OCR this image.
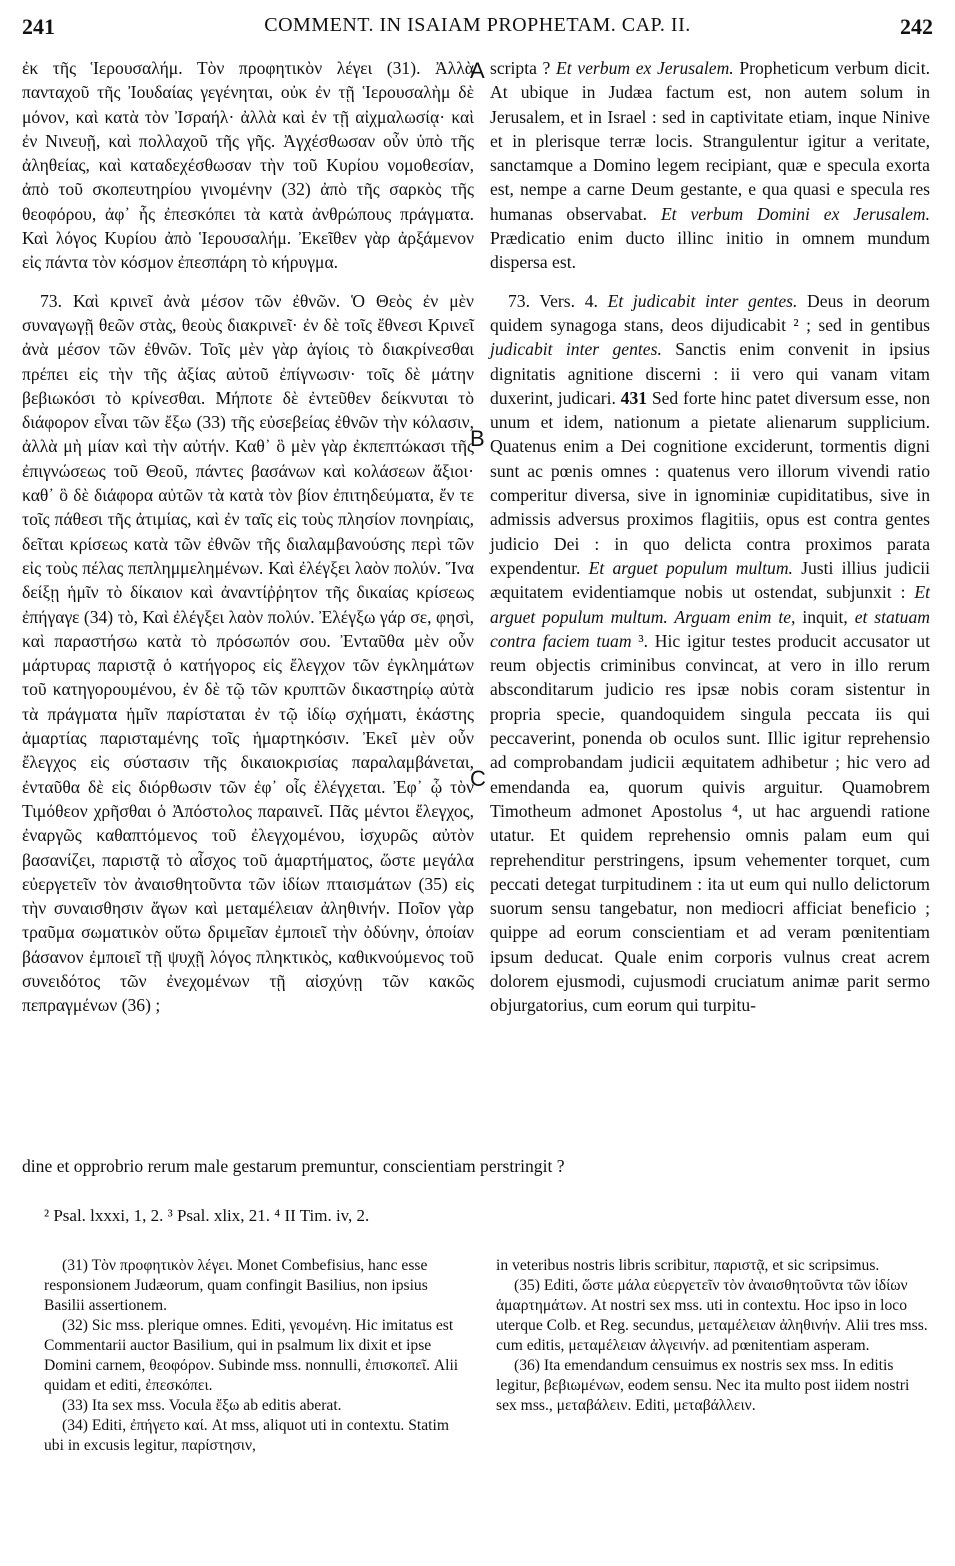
241	COMMENT. IN ISAIAM PROPHETAM. CAP. II.	242

ἐκ τῆς Ἱερουσαλήμ. Τὸν προφητικὸν λέγει (31). Ἀλλὰ πανταχοῦ τῆς Ἰουδαίας γεγένηται, οὐκ ἐν τῇ Ἱερουσαλὴμ δὲ μόνον, καὶ κατὰ τὸν Ἰσραήλ· ἀλλὰ καὶ ἐν τῇ αἰχμαλωσίᾳ· καὶ ἐν Νινευῇ, καὶ πολλαχοῦ τῆς γῆς. Ἀγχέσθωσαν οὖν ὑπὸ τῆς ἀληθείας, καὶ καταδεχέσθωσαν τὴν τοῦ Κυρίου νομοθεσίαν, ἀπὸ τοῦ σκοπευτηρίου γινομένην (32) ἀπὸ τῆς σαρκὸς τῆς θεοφόρου, ἀφ᾽ ἧς ἐπεσκόπει τὰ κατὰ ἀνθρώπους πράγματα. Καὶ λόγος Κυρίου ἀπὸ Ἱερουσαλήμ. Ἐκεῖθεν γὰρ ἀρξάμενον εἰς πάντα τὸν κόσμον ἐπεσπάρη τὸ κήρυγμα.

73. Καὶ κρινεῖ ἀνὰ μέσον τῶν ἐθνῶν. Ὁ Θεὸς ἐν μὲν συναγωγῇ θεῶν στὰς, θεοὺς διακρινεῖ· ἐν δὲ τοῖς ἔθνεσι Κρινεῖ ἀνὰ μέσον τῶν ἐθνῶν. Τοῖς μὲν γὰρ ἁγίοις τὸ διακρίνεσθαι πρέπει εἰς τὴν τῆς ἀξίας αὐτοῦ ἐπίγνωσιν· τοῖς δὲ μάτην βεβιωκόσι τὸ κρίνεσθαι. Μήποτε δὲ ἐντεῦθεν δείκνυται τὸ διάφορον εἶναι τῶν ἔξω (33) τῆς εὐσεβείας ἐθνῶν τὴν κόλασιν, ἀλλὰ μὴ μίαν καὶ τὴν αὐτήν. Καθ᾽ ὃ μὲν γὰρ ἐκπεπτώκασι τῆς ἐπιγνώσεως τοῦ Θεοῦ, πάντες βασάνων καὶ κολάσεων ἄξιοι· καθ᾽ ὃ δὲ διάφορα αὐτῶν τὰ κατὰ τὸν βίον ἐπιτηδεύματα, ἔν τε τοῖς πάθεσι τῆς ἀτιμίας, καὶ ἐν ταῖς εἰς τοὺς πλησίον πονηρίαις, δεῖται κρίσεως κατὰ τῶν ἐθνῶν τῆς διαλαμβανούσης περὶ τῶν εἰς τοὺς πέλας πεπλημμελημένων. Καὶ ἐλέγξει λαὸν πολύν. Ἵνα δείξῃ ἡμῖν τὸ δίκαιον καὶ ἀναντίῤῥητον τῆς δικαίας κρίσεως ἐπήγαγε (34) τὸ, Καὶ ἐλέγξει λαὸν πολύν. Ἐλέγξω γάρ σε, φησὶ, καὶ παραστήσω κατὰ τὸ πρόσωπόν σου. Ἐνταῦθα μὲν οὖν μάρτυρας παριστᾷ ὁ κατήγορος εἰς ἔλεγχον τῶν ἐγκλημάτων τοῦ κατηγορουμένου, ἐν δὲ τῷ τῶν κρυπτῶν δικαστηρίῳ αὐτὰ τὰ πράγματα ἡμῖν παρίσταται ἐν τῷ ἰδίῳ σχήματι, ἑκάστης ἁμαρτίας παρισταμένης τοῖς ἡμαρτηκόσιν. Ἐκεῖ μὲν οὖν ἔλεγχος εἰς σύστασιν τῆς δικαιοκρισίας παραλαμβάνεται, ἐνταῦθα δὲ εἰς διόρθωσιν τῶν ἐφ᾽ οἷς ἐλέγχεται. Ἐφ᾽ ᾧ τὸν Τιμόθεον χρῆσθαι ὁ Ἀπόστολος παραινεῖ. Πᾶς μέντοι ἔλεγχος, ἐναργῶς καθαπτόμενος τοῦ ἐλεγχομένου, ἰσχυρῶς αὐτὸν βασανίζει, παριστᾷ τὸ αἶσχος τοῦ ἁμαρτήματος, ὥστε μεγάλα εὐεργετεῖν τὸν ἀναισθητοῦντα τῶν ἰδίων πταισμάτων (35) εἰς τὴν συναισθησιν ἄγων καὶ μεταμέλειαν ἀληθινήν. Ποῖον γὰρ τραῦμα σωματικὸν οὕτω δριμεῖαν ἐμποιεῖ τὴν ὀδύνην, ὁποίαν βάσανον ἐμποιεῖ τῇ ψυχῇ λόγος πληκτικὸς, καθικνούμενος τοῦ συνειδότος τῶν ἐνεχομένων τῇ αἰσχύνῃ τῶν κακῶς πεπραγμένων (36) ;

A
B
C

scripta ? Et verbum ex Jerusalem. Propheticum verbum dicit. At ubique in Judæa factum est, non autem solum in Jerusalem, et in Israel : sed in captivitate etiam, inque Ninive et in plerisque terræ locis. Strangulentur igitur a veritate, sanctamque a Domino legem recipiant, quæ e specula exorta est, nempe a carne Deum gestante, e qua quasi e specula res humanas observabat. Et verbum Domini ex Jerusalem. Prædicatio enim ducto illinc initio in omnem mundum dispersa est.

73. Vers. 4. Et judicabit inter gentes. Deus in deorum quidem synagoga stans, deos dijudicabit ² ; sed in gentibus judicabit inter gentes. Sanctis enim convenit in ipsius dignitatis agnitione discerni : ii vero qui vanam vitam duxerint, judicari. 431 Sed forte hinc patet diversum esse, non unum et idem, nationum a pietate alienarum supplicium. Quatenus enim a Dei cognitione exciderunt, tormentis digni sunt ac pœnis omnes : quatenus vero illorum vivendi ratio comperitur diversa, sive in ignominiæ cupiditatibus, sive in admissis adversus proximos flagitiis, opus est contra gentes judicio Dei : in quo delicta contra proximos parata expendentur. Et arguet populum multum. Justi illius judicii æquitatem evidentiamque nobis ut ostendat, subjunxit : Et arguet populum multum. Arguam enim te, inquit, et statuam contra faciem tuam ³. Hic igitur testes producit accusator ut reum objectis criminibus convincat, at vero in illo rerum absconditarum judicio res ipsæ nobis coram sistentur in propria specie, quandoquidem singula peccata iis qui peccaverint, ponenda ob oculos sunt. Illic igitur reprehensio ad comprobandam judicii æquitatem adhibetur ; hic vero ad emendanda ea, quorum quivis arguitur. Quamobrem Timotheum admonet Apostolus ⁴, ut hac arguendi ratione utatur. Et quidem reprehensio omnis palam eum qui reprehenditur perstringens, ipsum vehementer torquet, cum peccati detegat turpitudinem : ita ut eum qui nullo delictorum suorum sensu tangebatur, non mediocri afficiat beneficio ; quippe ad eorum conscientiam et ad veram pœnitentiam ipsum deducat. Quale enim corporis vulnus creat acrem dolorem ejusmodi, cujusmodi cruciatum animæ parit sermo objurgatorius, cum eorum qui turpitu-

dine et opprobrio rerum male gestarum premuntur, conscientiam perstringit ?
² Psal. lxxxi, 1, 2. ³ Psal. xlix, 21. ⁴ II Tim. iv, 2.

(31) Τὸν προφητικὸν λέγει. Monet Combefisius, hanc esse responsionem Judæorum, quam confingit Basilius, non ipsius Basilii assertionem.

(32) Sic mss. plerique omnes. Editi, γενομένη. Hic imitatus est Commentarii auctor Basilium, qui in psalmum lix dixit et ipse Domini carnem, θεοφόρον. Subinde mss. nonnulli, ἐπισκοπεῖ. Alii quidam et editi, ἐπεσκόπει.

(33) Ita sex mss. Vocula ἔξω ab editis aberat.

(34) Editi, ἐπήγετο καί. At mss, aliquot uti in contextu. Statim ubi in excusis legitur, παρίστησιν,

in veteribus nostris libris scribitur, παριστᾷ, et sic scripsimus.

(35) Editi, ὥστε μάλα εὐεργετεῖν τὸν ἀναισθητοῦντα τῶν ἰδίων ἁμαρτημάτων. At nostri sex mss. uti in contextu. Hoc ipso in loco uterque Colb. et Reg. secundus, μεταμέλειαν ἀληθινήν. Alii tres mss. cum editis, μεταμέλειαν ἀλγεινήν. ad pœnitentiam asperam.

(36) Ita emendandum censuimus ex nostris sex mss. In editis legitur, βεβιωμένων, eodem sensu. Nec ita multo post iidem nostri sex mss., μεταβάλειν. Editi, μεταβάλλειν.
